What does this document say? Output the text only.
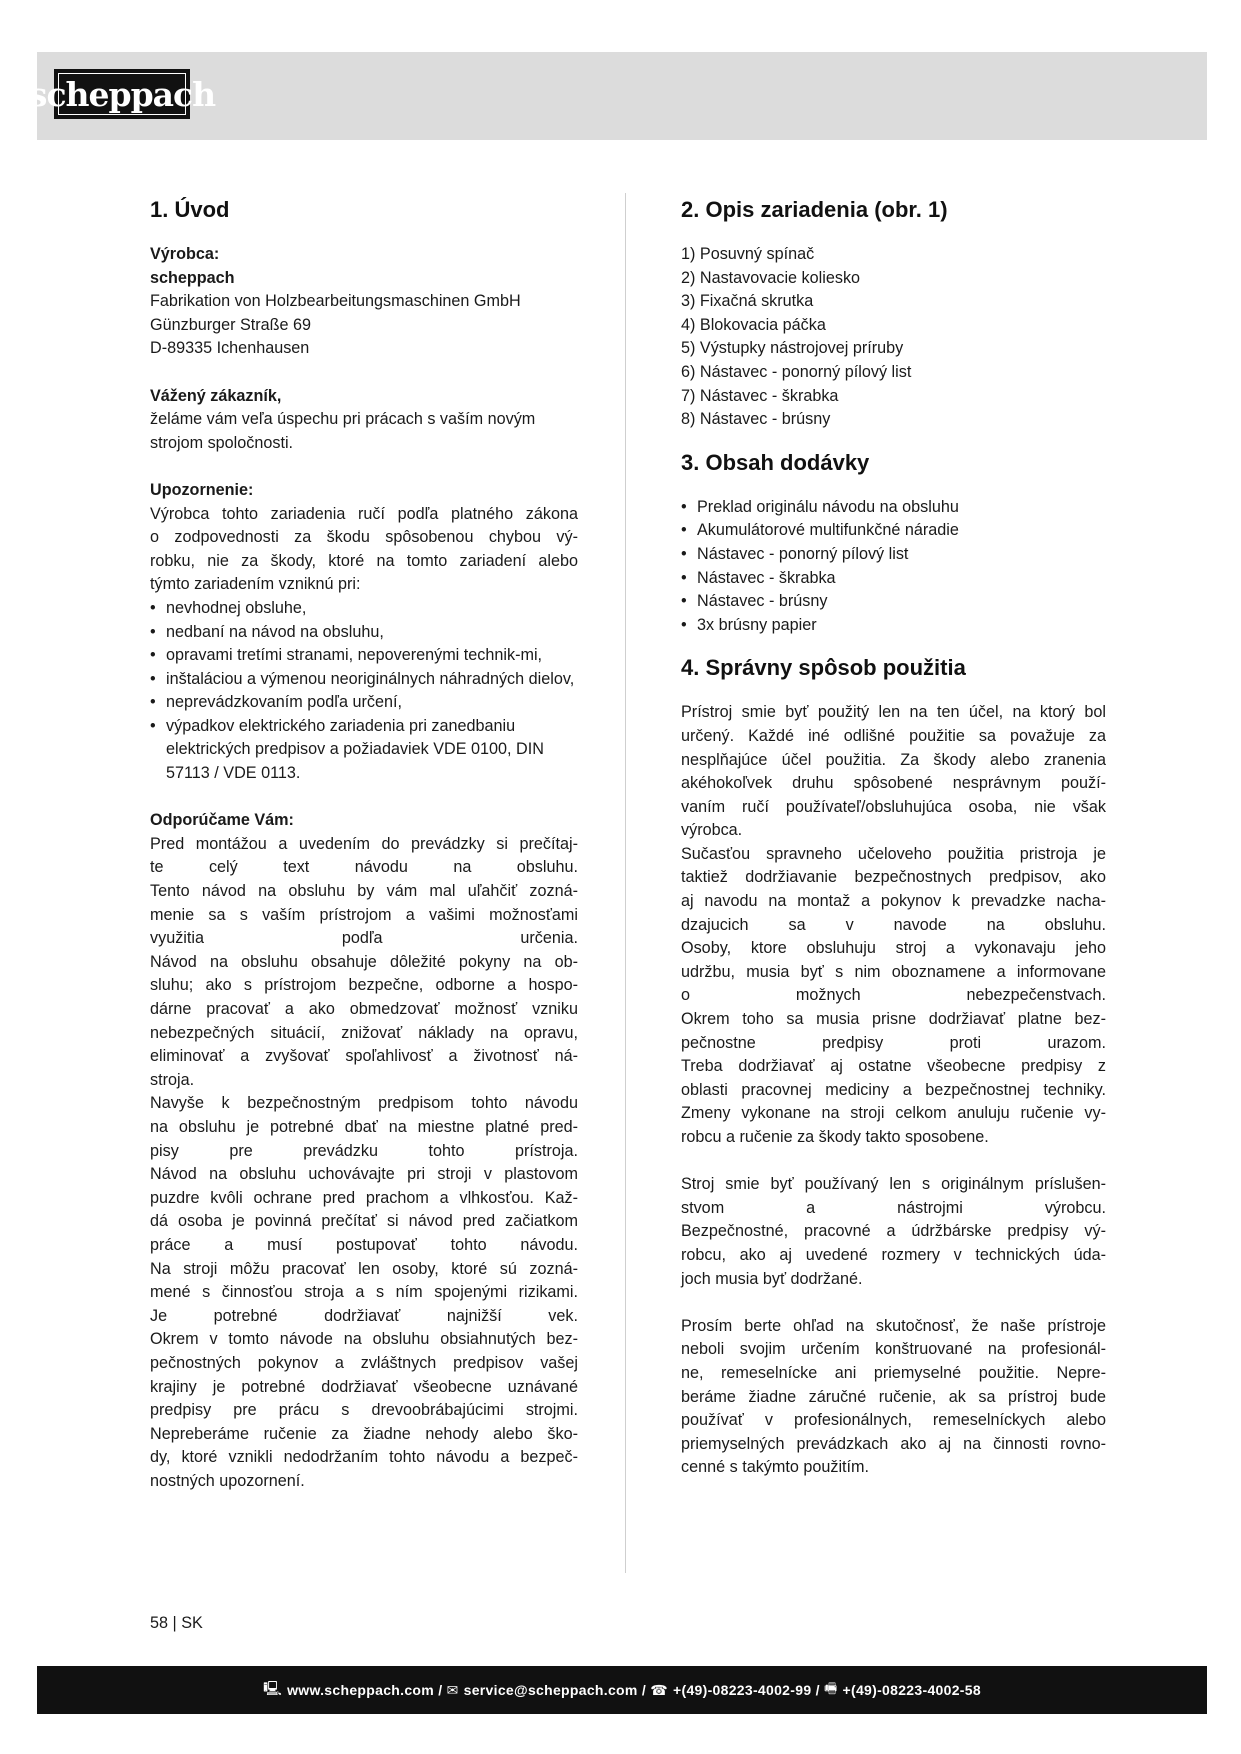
scheppach
1. Úvod

Výrobca:

scheppach

Fabrikation von Holzbearbeitungsmaschinen GmbH
Günzburger Straße 69
D-89335 Ichenhausen

Vážený zákazník,

želáme vám veľa úspechu pri prácach s vaším novým
strojom spoločnosti.

Upozornenie:

Výrobca tohto zariadenia ručí podľa platného zákona
o zodpovednosti za škodu spôsobenou chybou vý-
robku, nie za škody, ktoré na tomto zariadení alebo
týmto zariadením vzniknú pri:
• nevhodnej obsluhe,
• nedbaní na návod na obsluhu,
• opravami tretími stranami, nepoverenými technik-mi,
• inštaláciou a výmenou neoriginálnych náhradných dielov,
• neprevádzkovaním podľa určení,
• výpadkov elektrického zariadenia pri zanedbaniu elektrických predpisov a požiadaviek VDE 0100, DIN 57113 / VDE 0113.

Odporúčame Vám:

Pred montážou a uvedením do prevádzky si prečítaj-
te celý text návodu na obsluhu.
Tento návod na obsluhu by vám mal uľahčiť zozná-
menie sa s vaším prístrojom a vašimi možnosťami
využitia podľa určenia.
Návod na obsluhu obsahuje dôležité pokyny na ob-
sluhu; ako s prístrojom bezpečne, odborne a hospo-
dárne pracovať a ako obmedzovať možnosť vzniku
nebezpečných situácií, znižovať náklady na opravu,
eliminovať a zvyšovať spoľahlivosť a životnosť ná-
stroja.
Navyše k bezpečnostným predpisom tohto návodu
na obsluhu je potrebné dbať na miestne platné pred-
pisy pre prevádzku tohto prístroja.
Návod na obsluhu uchovávajte pri stroji v plastovom
puzdre kvôli ochrane pred prachom a vlhkosťou. Kaž-
dá osoba je povinná prečítať si návod pred začiatkom
práce a musí postupovať tohto návodu.
Na stroji môžu pracovať len osoby, ktoré sú zozná-
mené s činnosťou stroja a s ním spojenými rizikami.
Je potrebné dodržiavať najnižší vek.
Okrem v tomto návode na obsluhu obsiahnutých bez-
pečnostných pokynov a zvláštnych predpisov vašej
krajiny je potrebné dodržiavať všeobecne uznávané
predpisy pre prácu s drevoobrábajúcimi strojmi.
Nepreberáme ručenie za žiadne nehody alebo ško-
dy, ktoré vznikli nedodržaním tohto návodu a bezpeč-
nostných upozornení.
2. Opis zariadenia (obr. 1)
1) Posuvný spínač
2) Nastavovacie koliesko
3) Fixačná skrutka
4) Blokovacia páčka
5) Výstupky nástrojovej príruby
6) Nástavec - ponorný pílový list
7) Nástavec - škrabka
8) Nástavec - brúsny
3. Obsah dodávky
• Preklad originálu návodu na obsluhu
• Akumulátorové multifunkčné náradie
• Nástavec - ponorný pílový list
• Nástavec - škrabka
• Nástavec - brúsny
• 3x brúsny papier
4. Správny spôsob použitia
Prístroj smie byť použitý len na ten účel, na ktorý bol
určený. Každé iné odlišné použitie sa považuje za
nesplňajúce účel použitia. Za škody alebo zranenia
akéhokoľvek druhu spôsobené nesprávnym použí-
vaním ručí používateľ/obsluhujúca osoba, nie však
výrobca.
Sučasťou spravneho učeloveho použitia pristroja je
taktiež dodržiavanie bezpečnostnych predpisov, ako
aj navodu na montaž a pokynov k prevadzke nacha-
dzajucich sa v navode na obsluhu.
Osoby, ktore obsluhuju stroj a vykonavaju jeho
udržbu, musia byť s nim oboznamene a informovane
o možnych nebezpečenstvach.
Okrem toho sa musia prisne dodržiavať platne bez-
pečnostne predpisy proti urazom.
Treba dodržiavať aj ostatne všeobecne predpisy z
oblasti pracovnej mediciny a bezpečnostnej techniky.
Zmeny vykonane na stroji celkom anuluju ručenie vy-
robcu a ručenie za škody takto sposobene.
Stroj smie byť používaný len s originálnym príslušen-
stvom a nástrojmi výrobcu.
Bezpečnostné, pracovné a údržbárske predpisy vý-
robcu, ako aj uvedené rozmery v technických úda-
joch musia byť dodržané.
Prosím berte ohľad na skutočnosť, že naše prístroje
neboli svojim určením konštruované na profesionál-
ne, remeselnícke ani priemyselné použitie. Nepre-
beráme žiadne záručné ručenie, ak sa prístroj bude
používať v profesionálnych, remeselníckych alebo
priemyselných prevádzkach ako aj na činnosti rovno-
cenné s takýmto použitím.
58 | SK
🖳 www.scheppach.com / ✉ service@scheppach.com / ☎ +(49)-08223-4002-99 / 🖷 +(49)-08223-4002-58
